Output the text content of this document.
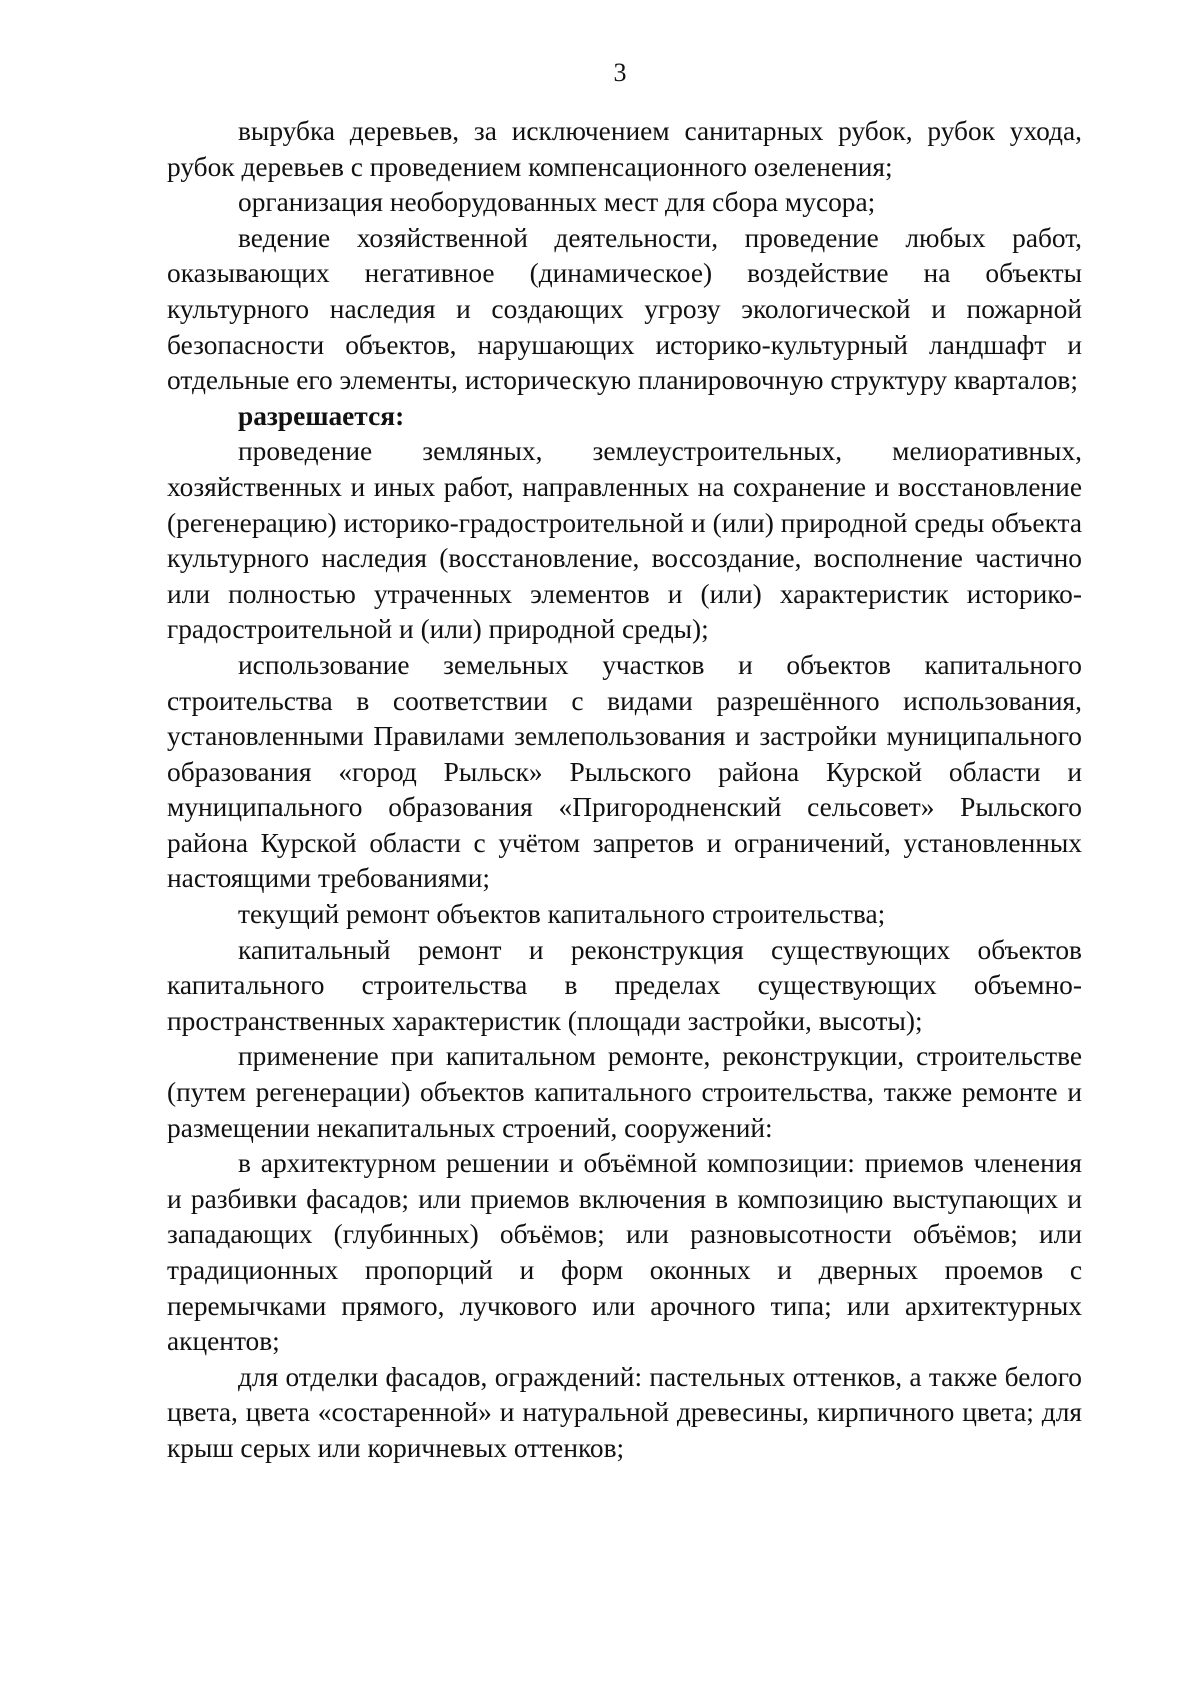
3

вырубка деревьев, за исключением санитарных рубок, рубок ухода, рубок деревьев с проведением компенсационного озеленения;

организация необорудованных мест для сбора мусора;

ведение хозяйственной деятельности, проведение любых работ, оказывающих негативное (динамическое) воздействие на объекты культурного наследия и создающих угрозу экологической и пожарной безопасности объектов, нарушающих историко-культурный ландшафт и отдельные его элементы, историческую планировочную структуру кварталов;

разрешается:

проведение земляных, землеустроительных, мелиоративных, хозяйственных и иных работ, направленных на сохранение и восстановление (регенерацию) историко-градостроительной и (или) природной среды объекта культурного наследия (восстановление, воссоздание, восполнение частично или полностью утраченных элементов и (или) характеристик историко-градостроительной и (или) природной среды);

использование земельных участков и объектов капитального строительства в соответствии с видами разрешённого использования, установленными Правилами землепользования и застройки муниципального образования «город Рыльск» Рыльского района Курской области и муниципального образования «Пригородненский сельсовет» Рыльского района Курской области с учётом запретов и ограничений, установленных настоящими требованиями;

текущий ремонт объектов капитального строительства;

капитальный ремонт и реконструкция существующих объектов капитального строительства в пределах существующих объемно-пространственных характеристик (площади застройки, высоты);

применение при капитальном ремонте, реконструкции, строительстве (путем регенерации) объектов капитального строительства, также ремонте и размещении некапитальных строений, сооружений:

в архитектурном решении и объёмной композиции: приемов членения и разбивки фасадов; или приемов включения в композицию выступающих и западающих (глубинных) объёмов; или разновысотности объёмов; или традиционных пропорций и форм оконных и дверных проемов с перемычками прямого, лучкового или арочного типа; или архитектурных акцентов;

для отделки фасадов, ограждений: пастельных оттенков, а также белого цвета, цвета «состаренной» и натуральной древесины, кирпичного цвета; для крыш серых или коричневых оттенков;
